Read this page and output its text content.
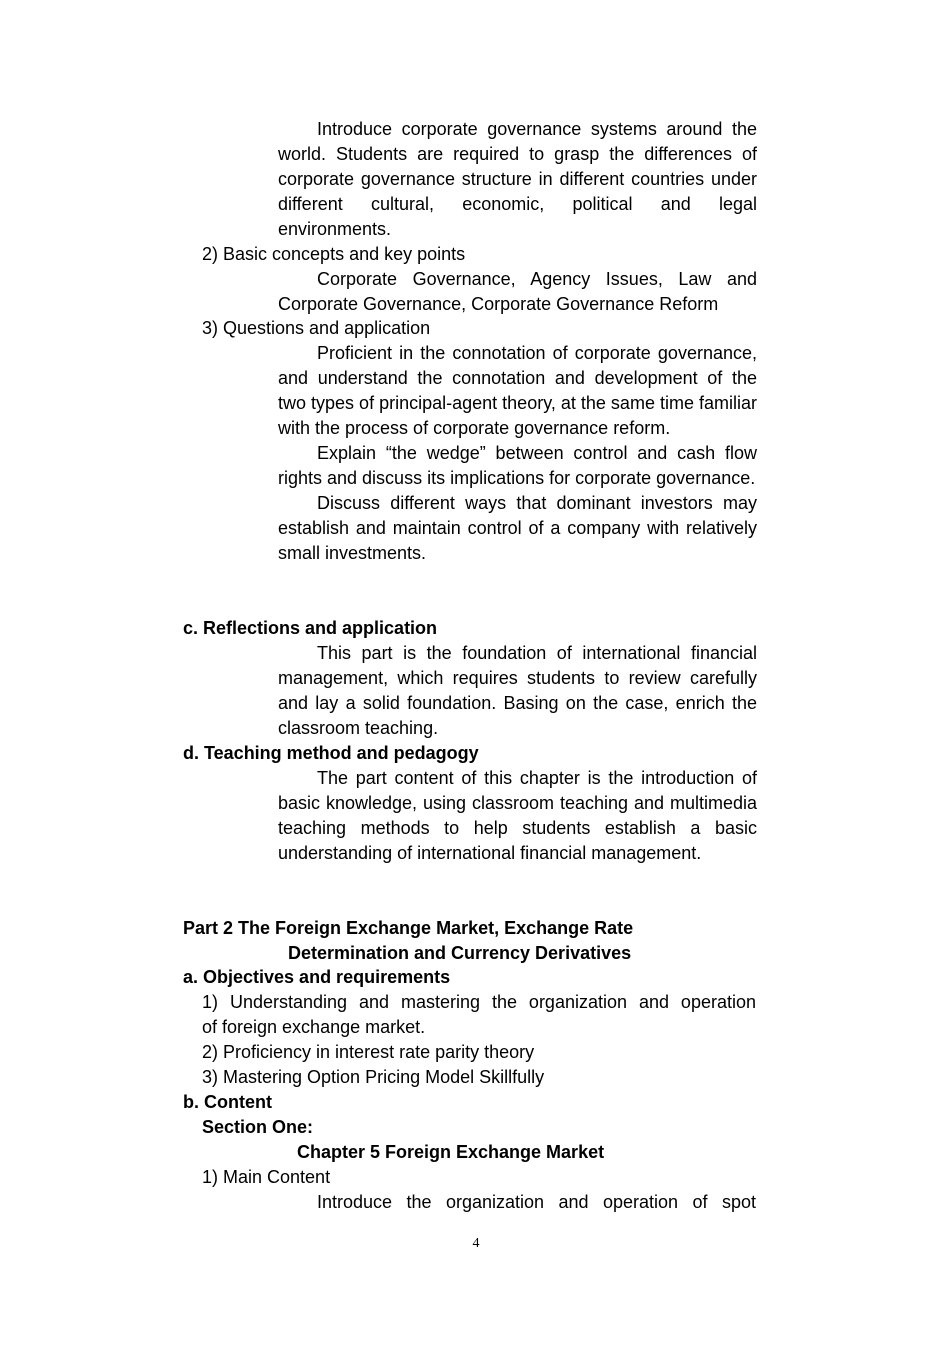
Introduce corporate governance systems around the world. Students are required to grasp the differences of corporate governance structure in different countries under different cultural, economic, political and legal environments.

2) Basic concepts and key points

Corporate Governance, Agency Issues, Law and Corporate Governance, Corporate Governance Reform

3) Questions and application

Proficient in the connotation of corporate governance, and understand the connotation and development of the two types of principal-agent theory, at the same time familiar with the process of corporate governance reform.

Explain “the wedge” between control and cash flow rights and discuss its implications for corporate governance.

Discuss different ways that dominant investors may establish and maintain control of a company with relatively small investments.

c. Reflections and application

This part is the foundation of international financial management, which requires students to review carefully and lay a solid foundation. Basing on the case, enrich the classroom teaching.

d. Teaching method and pedagogy

The part content of this chapter is the introduction of basic knowledge, using classroom teaching and multimedia teaching methods to help students establish a basic understanding of international financial management.

Part 2 The Foreign Exchange Market, Exchange Rate
Determination and Currency Derivatives
a. Objectives and requirements
1) Understanding and mastering the organization and operation
of foreign exchange market.
2) Proficiency in interest rate parity theory
3) Mastering Option Pricing Model Skillfully
b. Content
Section One:
Chapter 5 Foreign Exchange Market
1) Main Content
Introduce the organization and operation of spot
4
